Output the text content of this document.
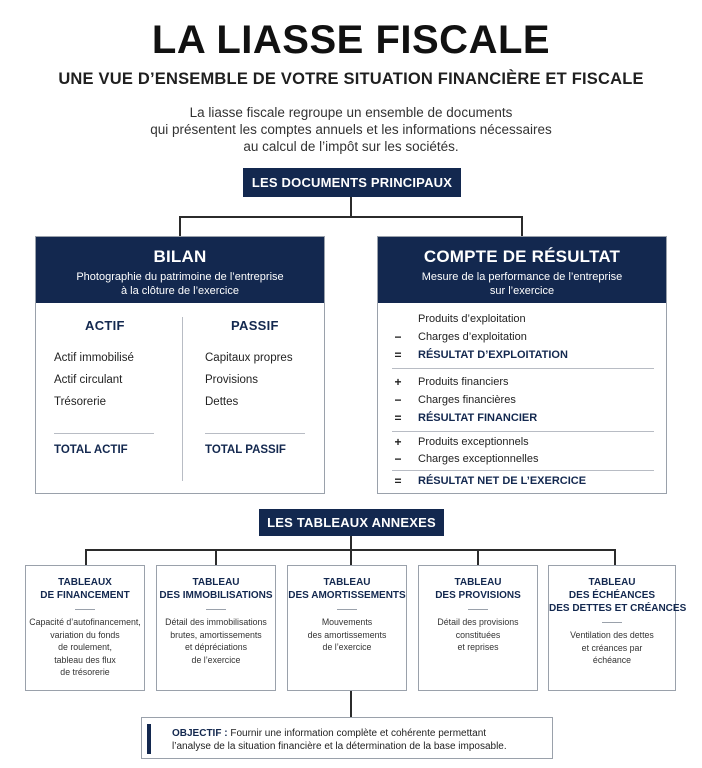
LA LIASSE FISCALE
UNE VUE D’ENSEMBLE DE VOTRE SITUATION FINANCIÈRE ET FISCALE
La liasse fiscale regroupe un ensemble de documents
qui présentent les comptes annuels et les informations nécessaires
au calcul de l’impôt sur les sociétés.
LES DOCUMENTS PRINCIPAUX
BILAN
Photographie du patrimoine de l’entreprise
à la clôture de l’exercice
ACTIF	PASSIF
Actif immobilisé
Actif circulant
Trésorerie
TOTAL ACTIF
Capitaux propres
Provisions
Dettes
TOTAL PASSIF
COMPTE DE RÉSULTAT
Mesure de la performance de l’entreprise
sur l’exercice
Produits d’exploitation
− Charges d’exploitation
= RÉSULTAT D’EXPLOITATION
+ Produits financiers
− Charges financières
= RÉSULTAT FINANCIER
+ Produits exceptionnels
− Charges exceptionnelles
= RÉSULTAT NET DE L’EXERCICE
LES TABLEAUX ANNEXES
TABLEAUX
DE FINANCEMENT
Capacité d’autofinancement,
variation du fonds
de roulement,
tableau des flux
de trésorerie
TABLEAU
DES IMMOBILISATIONS
Détail des immobilisations
brutes, amortissements
et dépréciations
de l’exercice
TABLEAU
DES AMORTISSEMENTS
Mouvements
des amortissements
de l’exercice
TABLEAU
DES PROVISIONS
Détail des provisions
constituées
et reprises
TABLEAU
DES ÉCHÉANCES
DES DETTES ET CRÉANCES
Ventilation des dettes
et créances par
échéance
OBJECTIF : Fournir une information complète et cohérente permettant
l’analyse de la situation financière et la détermination de la base imposable.
